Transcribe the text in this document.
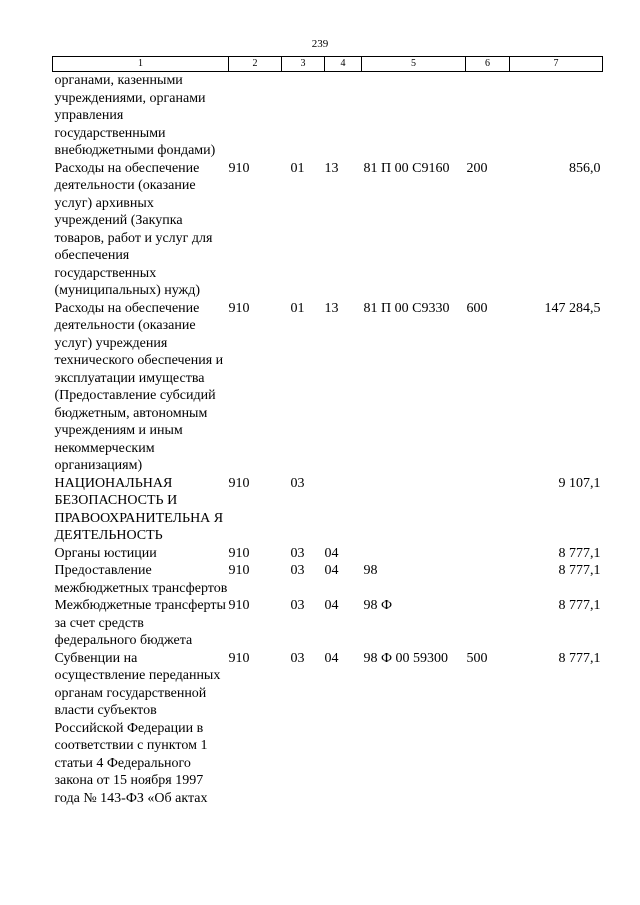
239
1	2	3	4	5	6	7
органами, казенными учреждениями, органами управления государственными внебюджетными фондами)						
Расходы на обеспечение деятельности (оказание услуг) архивных учреждений (Закупка товаров, работ и услуг для обеспечения государственных (муниципальных) нужд)	910	01	13	81 П 00 С9160	200	856,0
Расходы на обеспечение деятельности (оказание услуг) учреждения технического обеспечения и эксплуатации имущества (Предоставление субсидий бюджетным, автономным учреждениям и иным некоммерческим организациям)	910	01	13	81 П 00 С9330	600	147 284,5
НАЦИОНАЛЬНАЯ БЕЗОПАСНОСТЬ И ПРАВООХРАНИТЕЛЬНА Я ДЕЯТЕЛЬНОСТЬ	910	03				9 107,1
Органы юстиции	910	03	04			8 777,1
Предоставление межбюджетных трансфертов	910	03	04	98		8 777,1
Межбюджетные трансферты за счет средств федерального бюджета	910	03	04	98 Ф		8 777,1
Субвенции на осуществление переданных органам государственной власти субъектов Российской Федерации в соответствии с пунктом 1 статьи 4 Федерального закона от 15 ноября 1997 года № 143-ФЗ «Об актах	910	03	04	98 Ф 00 59300	500	8 777,1
